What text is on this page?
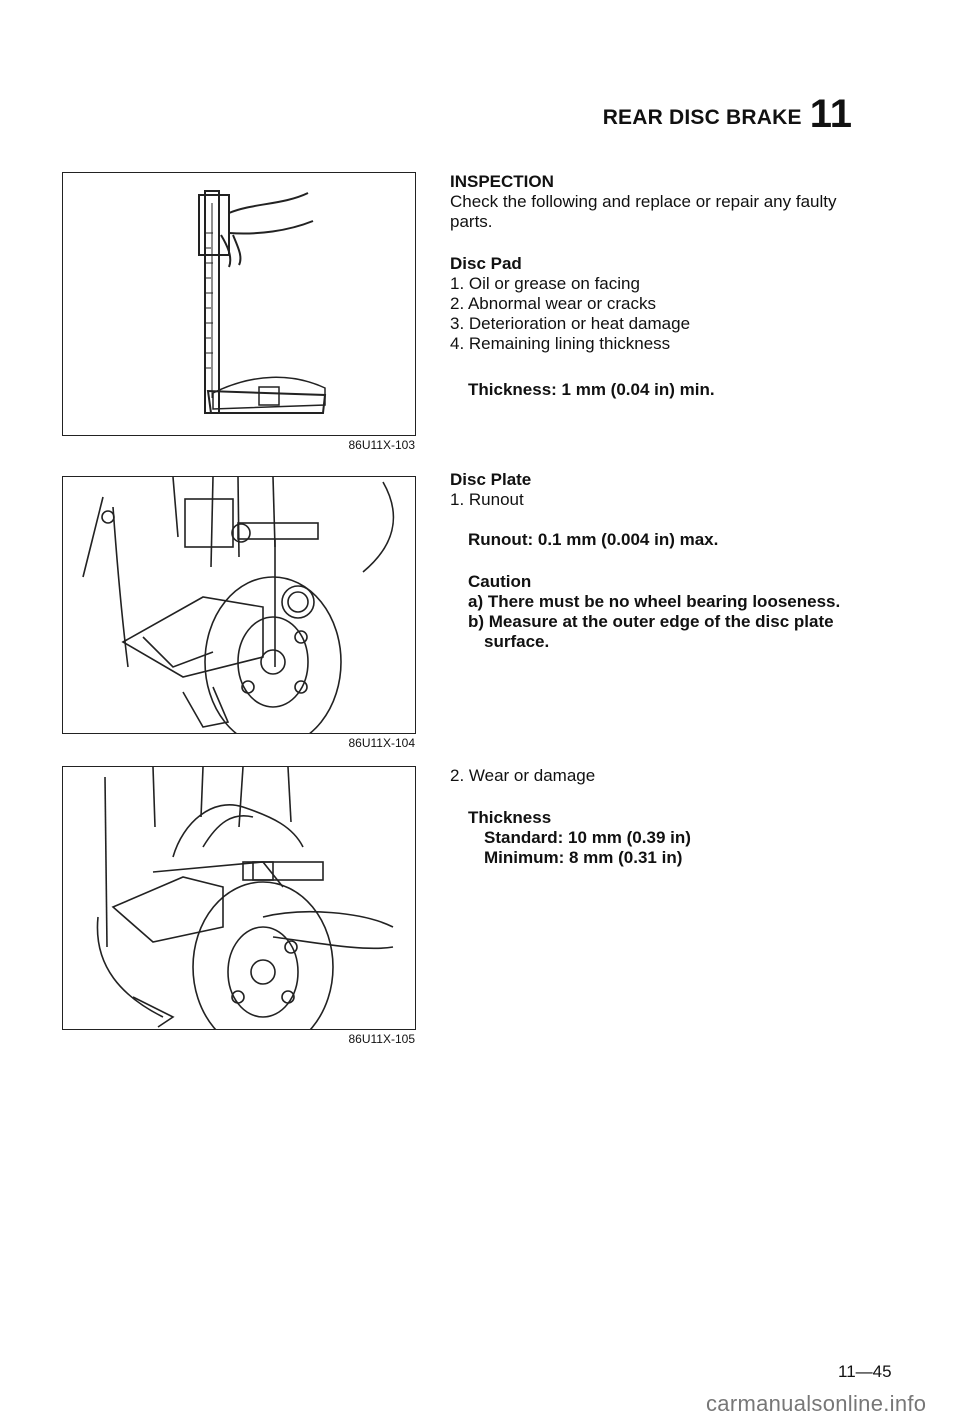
REAR DISC BRAKE 11
86U11X-103
86U11X-104
86U11X-105

INSPECTION

Check the following and replace or repair any faulty parts.

Disc Pad

1. Oil or grease on facing

2. Abnormal wear or cracks

3. Deterioration or heat damage

4. Remaining lining thickness

Thickness: 1 mm (0.04 in) min.

Disc Plate

1. Runout

Runout: 0.1 mm (0.004 in) max.

Caution

a) There must be no wheel bearing looseness.

b) Measure at the outer edge of the disc plate

surface.

2. Wear or damage

Thickness

Standard: 10 mm (0.39 in)

Minimum: 8 mm (0.31 in)

11—45
carmanualsonline.info
